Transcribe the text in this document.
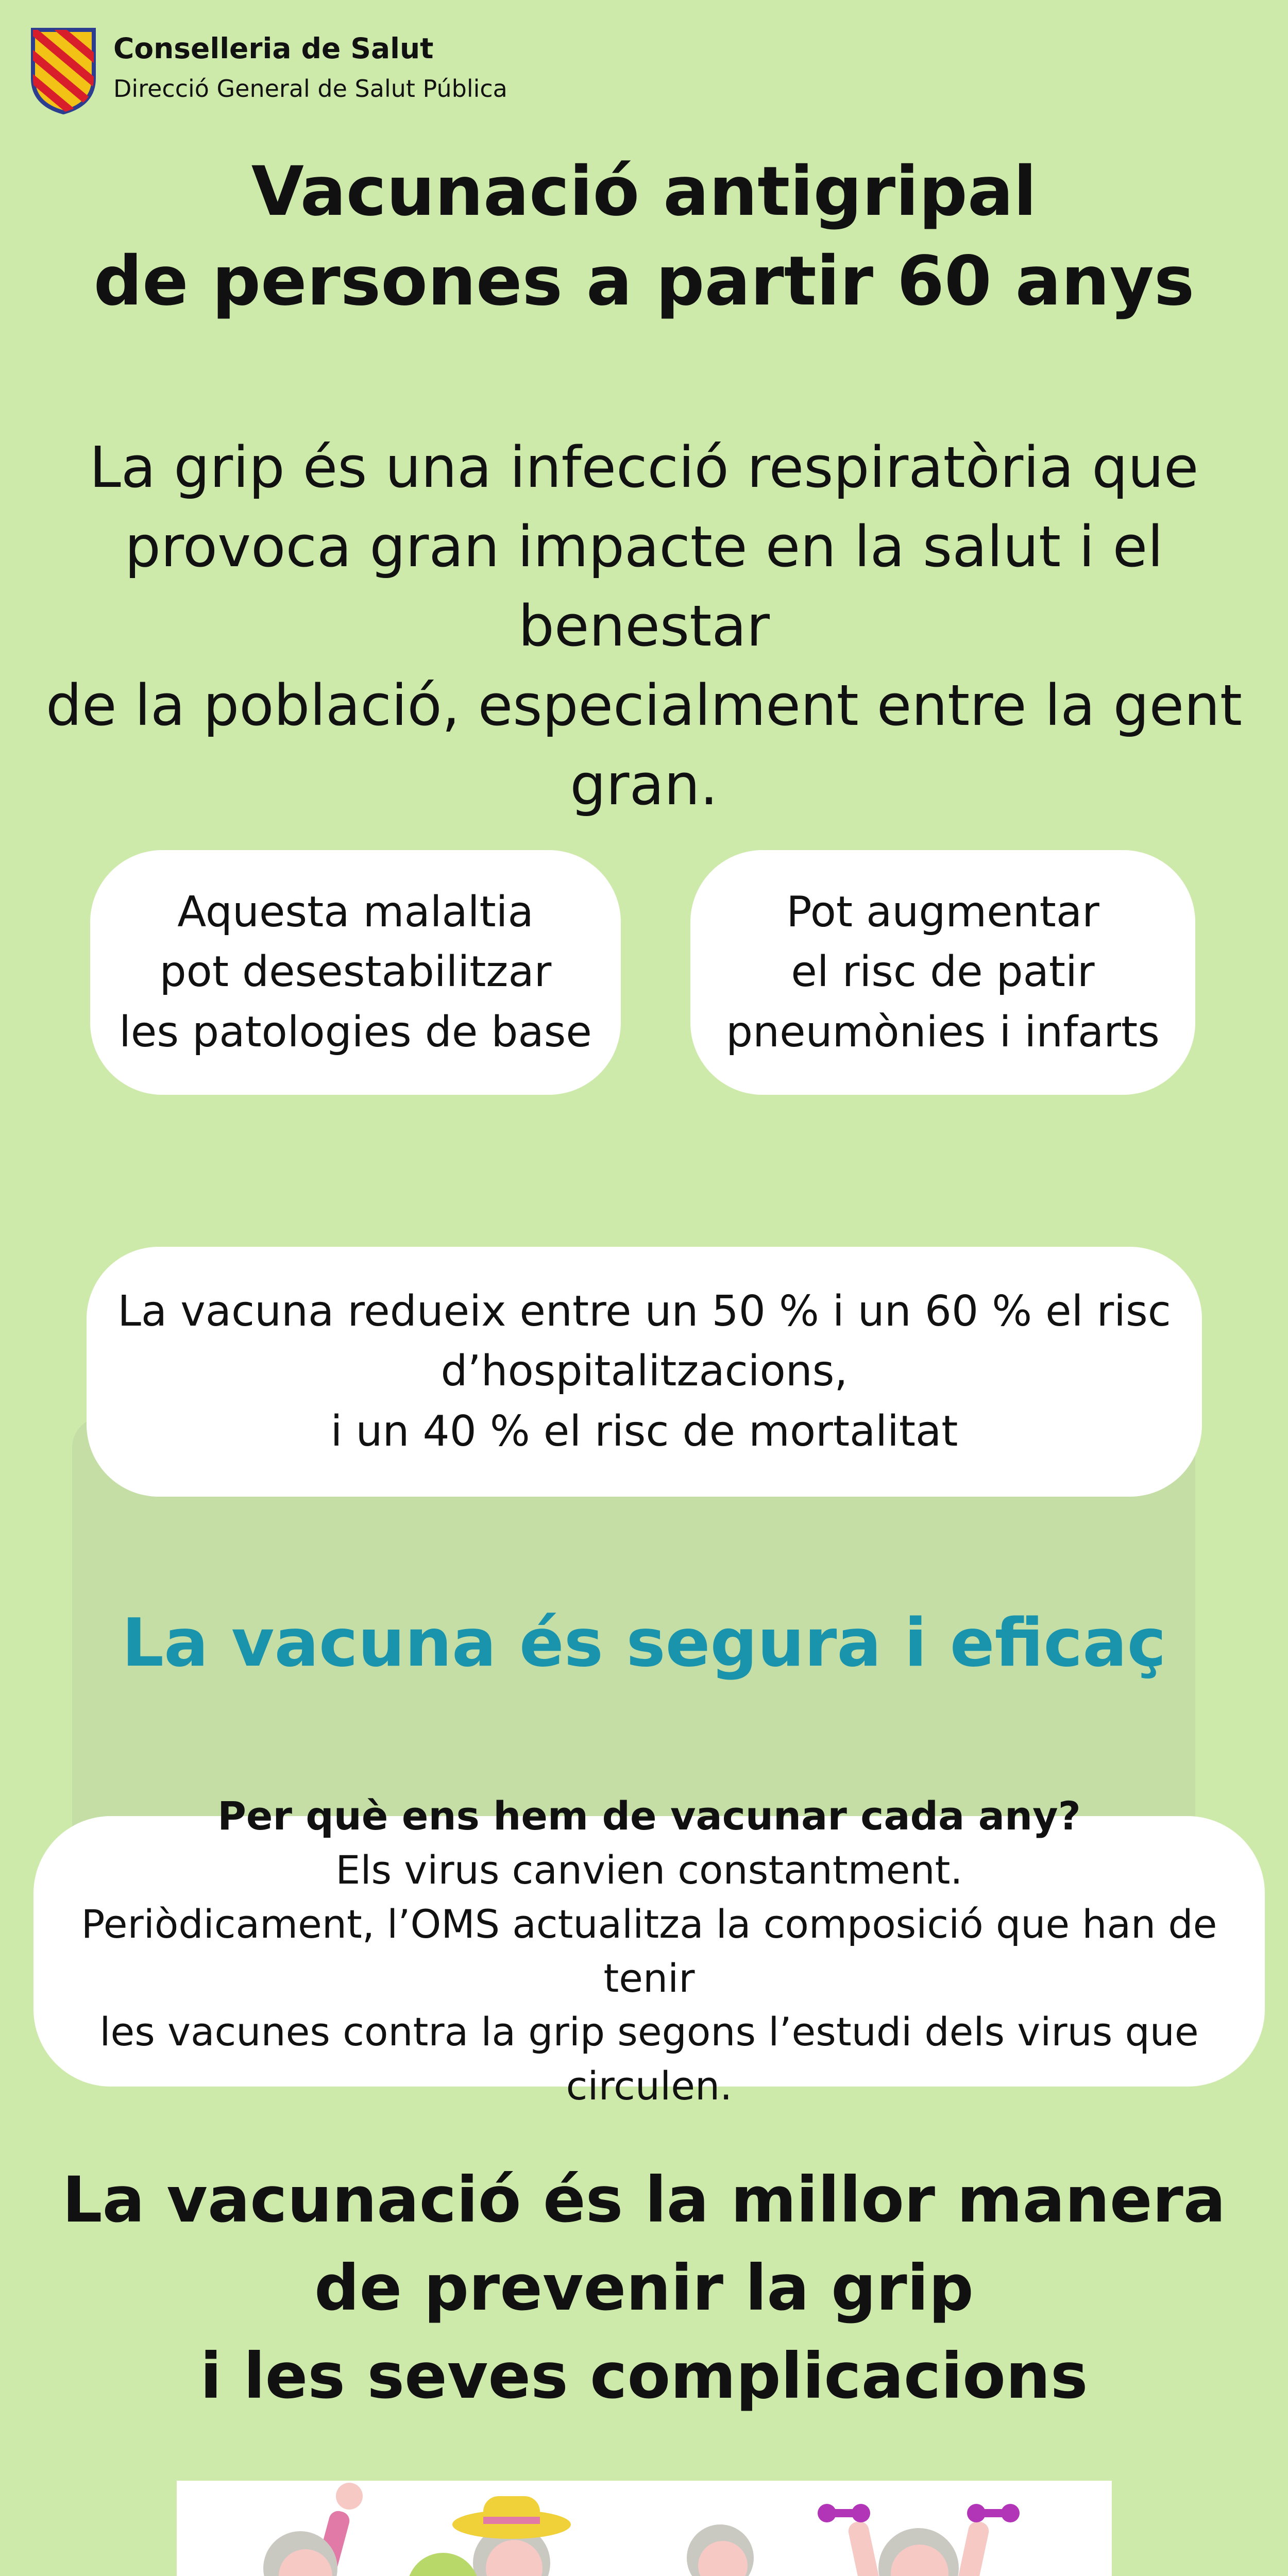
Conselleria de Salut
Direcció General de Salut Pública
Vacunació antigripal
de persones a partir 60 anys
La grip és una infecció respiratòria que
provoca gran impacte en la salut i el benestar
de la població, especialment entre la gent
gran.
Aquesta malaltia
pot desestabilitzar
les patologies de base
Pot augmentar
el risc de patir
pneumònies i infarts
La vacuna redueix entre un 50 % i un 60 % el risc
d’hospitalitzacions,
i un 40 % el risc de mortalitat
La vacuna és segura i eficaç
Per què ens hem de vacunar cada any?
Els virus canvien constantment.
Periòdicament, l’OMS actualitza la composició que han de tenir
les vacunes contra la grip segons l’estudi dels virus que circulen.
La vacunació és la millor manera
de prevenir la grip
i les seves complicacions
